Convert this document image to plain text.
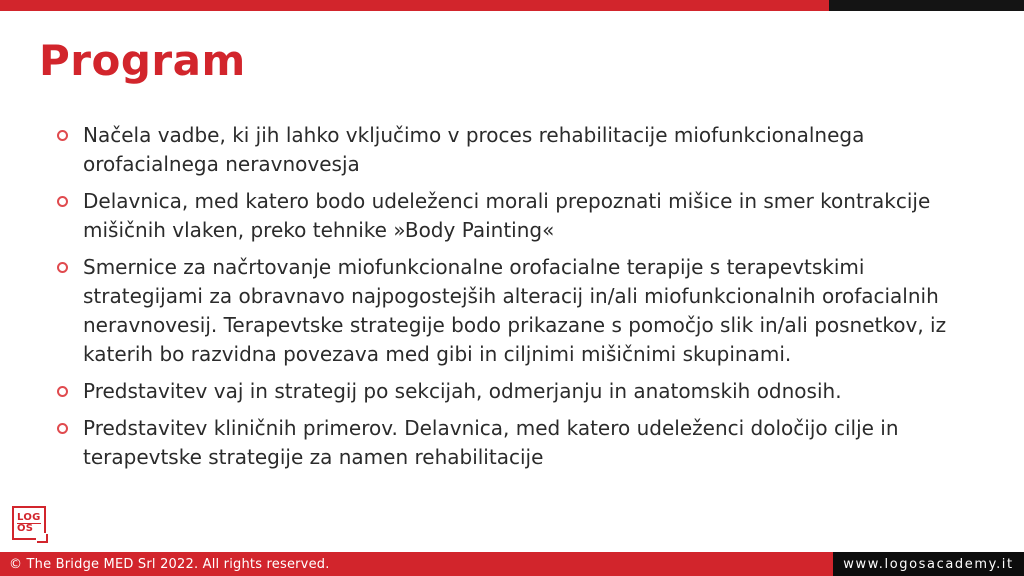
Program

Načela vadbe, ki jih lahko vključimo v proces rehabilitacije miofunkcionalnega orofacialnega neravnovesja

Delavnica, med katero bodo udeleženci morali prepoznati mišice in smer kontrakcije mišičnih vlaken, preko tehnike »Body Painting«

Smernice za načrtovanje miofunkcionalne orofacialne terapije s terapevtskimi strategijami za obravnavo najpogostejših alteracij in/ali miofunkcionalnih orofacialnih neravnovesij. Terapevtske strategije bodo prikazane s pomočjo slik in/ali posnetkov, iz katerih bo razvidna povezava med gibi in ciljnimi mišičnimi skupinami.

Predstavitev vaj in strategij po sekcijah, odmerjanju in anatomskih odnosih.

Predstavitev kliničnih primerov. Delavnica, med katero udeleženci določijo cilje in terapevtske strategije za namen rehabilitacije

LOG
OS
© The Bridge MED Srl 2022. All rights reserved.	www.logosacademy.it
